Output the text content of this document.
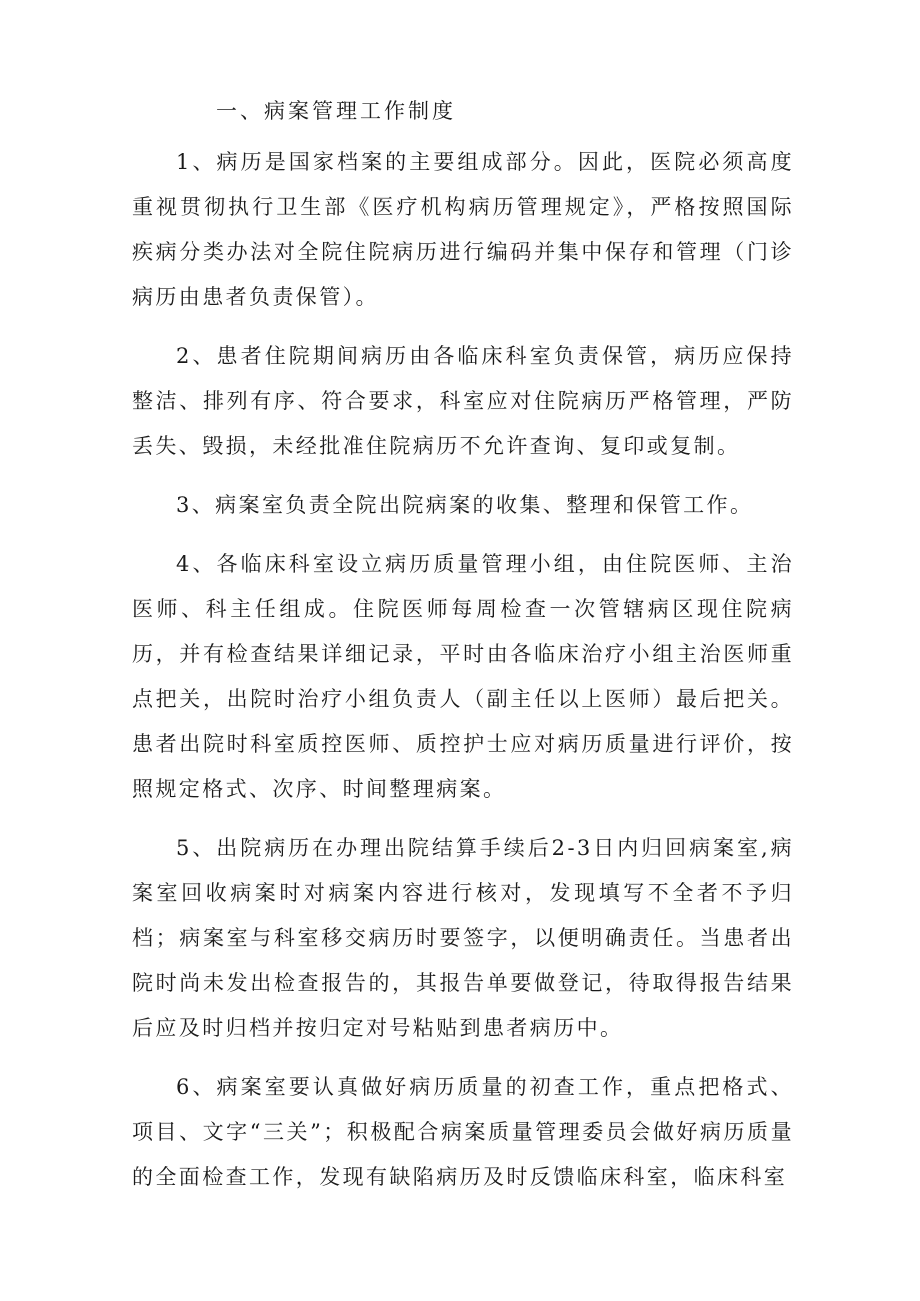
一、病案管理工作制度

1、病历是国家档案的主要组成部分。因此，医院必须高度重视贯彻执行卫生部《医疗机构病历管理规定》，严格按照国际疾病分类办法对全院住院病历进行编码并集中保存和管理（门诊病历由患者负责保管）。

2、患者住院期间病历由各临床科室负责保管，病历应保持整洁、排列有序、符合要求，科室应对住院病历严格管理，严防丢失、毁损，未经批准住院病历不允许查询、复印或复制。

3、病案室负责全院出院病案的收集、整理和保管工作。

4、各临床科室设立病历质量管理小组，由住院医师、主治医师、科主任组成。住院医师每周检查一次管辖病区现住院病历，并有检查结果详细记录，平时由各临床治疗小组主治医师重点把关，出院时治疗小组负责人（副主任以上医师）最后把关。患者出院时科室质控医师、质控护士应对病历质量进行评价，按照规定格式、次序、时间整理病案。

5、出院病历在办理出院结算手续后2-3日内归回病案室,病案室回收病案时对病案内容进行核对，发现填写不全者不予归档；病案室与科室移交病历时要签字，以便明确责任。当患者出院时尚未发出检查报告的，其报告单要做登记，待取得报告结果后应及时归档并按归定对号粘贴到患者病历中。

6、病案室要认真做好病历质量的初查工作，重点把格式、项目、文字“三关”；积极配合病案质量管理委员会做好病历质量的全面检查工作，发现有缺陷病历及时反馈临床科室，临床科室
